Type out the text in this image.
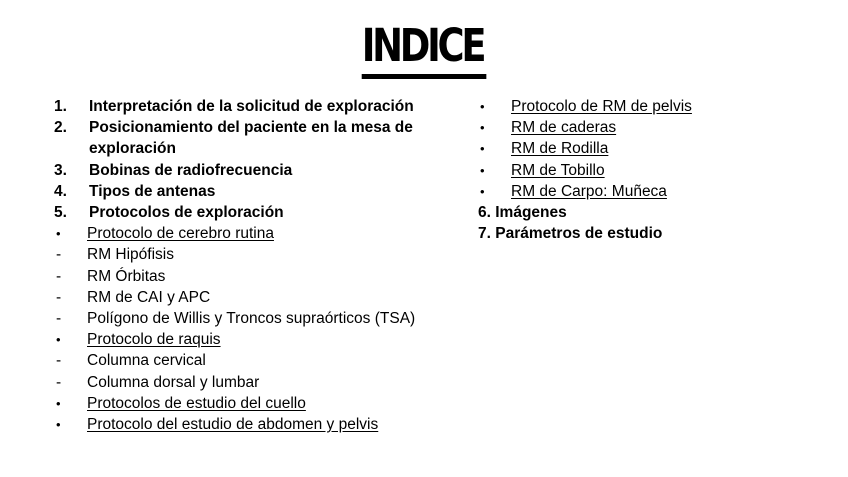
INDICE
1.	Interpretación de la solicitud de exploración
2.	Posicionamiento del paciente en la mesa de exploración
3.	Bobinas de radiofrecuencia
4.	Tipos de antenas
5.	Protocolos de exploración
•	Protocolo de cerebro rutina
-	RM Hipófisis
-	RM Órbitas
-	RM de CAI y APC
-	Polígono de Willis y Troncos supraórticos (TSA)
•	Protocolo de raquis
-	Columna cervical
-	Columna dorsal y lumbar
•	Protocolos de estudio del cuello
•	Protocolo del estudio de abdomen y pelvis
•	Protocolo de RM de pelvis
•	RM de caderas
•	RM de Rodilla
•	RM de Tobillo
•	RM de Carpo: Muñeca
6. Imágenes
7. Parámetros de estudio
